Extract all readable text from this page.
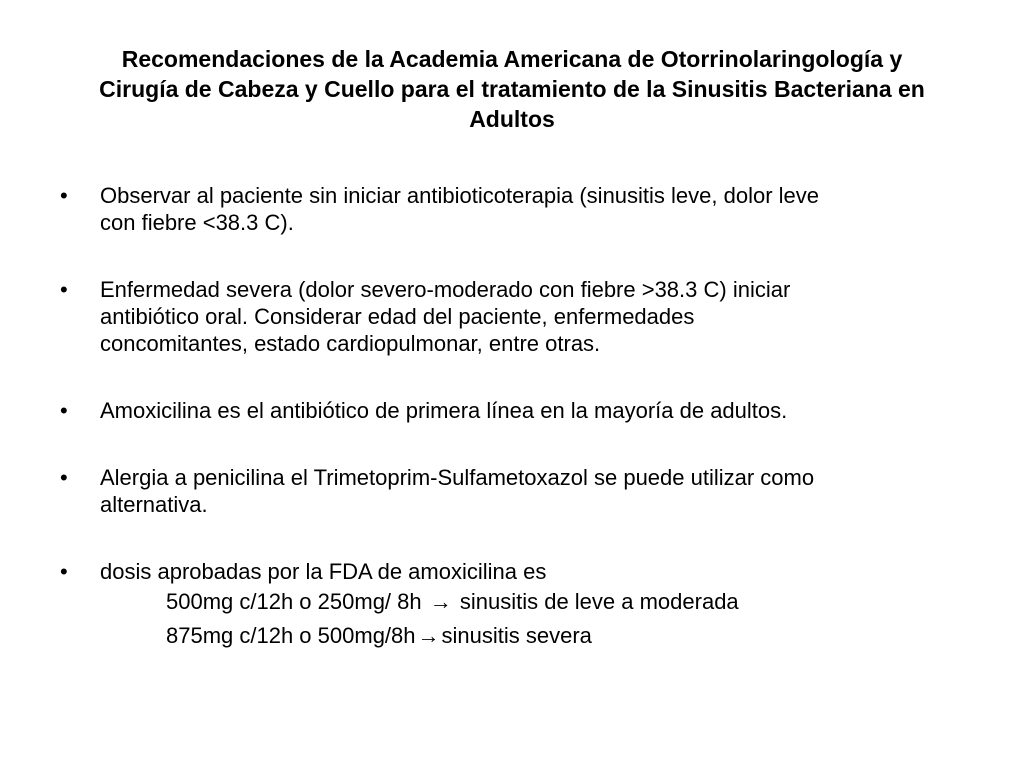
Recomendaciones de la Academia Americana de Otorrinolaringología y
Cirugía de Cabeza y Cuello para el tratamiento de la Sinusitis Bacteriana en
Adultos

•	Observar al paciente sin iniciar antibioticoterapia (sinusitis leve, dolor leve
con fiebre <38.3 C).

•	Enfermedad severa (dolor severo-moderado con fiebre >38.3 C) iniciar
antibiótico oral. Considerar edad del paciente, enfermedades
concomitantes, estado cardiopulmonar, entre otras.

•	Amoxicilina es el antibiótico de primera línea en la mayoría de adultos.

•	Alergia a penicilina el Trimetoprim-Sulfametoxazol se puede utilizar como
alternativa.

•	dosis aprobadas por la FDA de amoxicilina es

500mg c/12h o 250mg/ 8h → sinusitis de leve a moderada

875mg c/12h o 500mg/8h→sinusitis severa
